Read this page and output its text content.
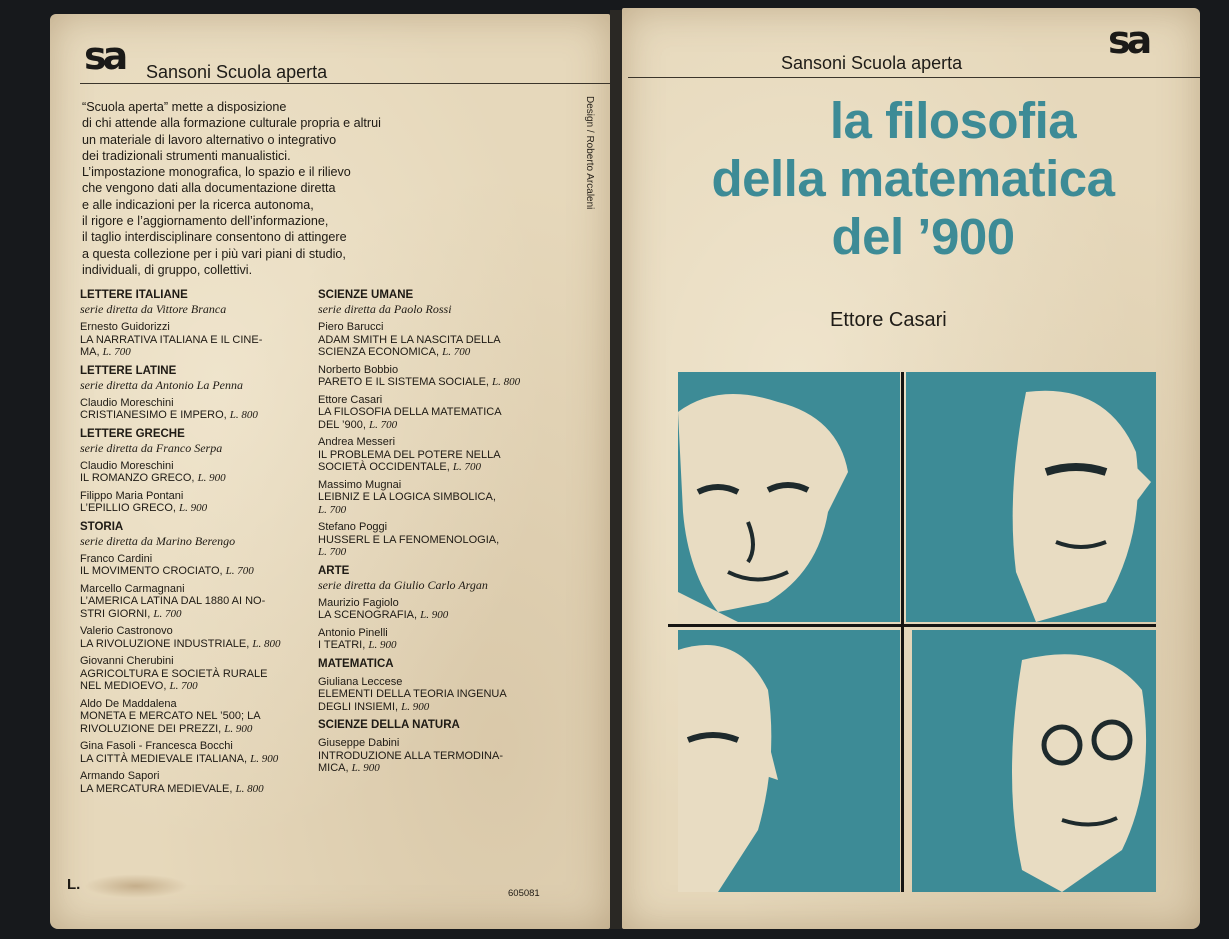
sa	Sansoni Scuola aperta
“Scuola aperta” mette a disposizione
di chi attende alla formazione culturale propria e altrui
un materiale di lavoro alternativo o integrativo
dei tradizionali strumenti manualistici.
L’impostazione monografica, lo spazio e il rilievo
che vengono dati alla documentazione diretta
e alle indicazioni per la ricerca autonoma,
il rigore e l’aggiornamento dell’informazione,
il taglio interdisciplinare consentono di attingere
a questa collezione per i più vari piani di studio,
individuali, di gruppo, collettivi.
LETTERE ITALIANE
serie diretta da Vittore Branca
Ernesto Guidorizzi
LA NARRATIVA ITALIANA E IL CINE-
MA, L. 700
LETTERE LATINE
serie diretta da Antonio La Penna
Claudio Moreschini
CRISTIANESIMO E IMPERO, L. 800
LETTERE GRECHE
serie diretta da Franco Serpa
Claudio Moreschini
IL ROMANZO GRECO, L. 900
Filippo Maria Pontani
L’EPILLIO GRECO, L. 900
STORIA
serie diretta da Marino Berengo
Franco Cardini
IL MOVIMENTO CROCIATO, L. 700
Marcello Carmagnani
L’AMERICA LATINA DAL 1880 AI NO-
STRI GIORNI, L. 700
Valerio Castronovo
LA RIVOLUZIONE INDUSTRIALE, L. 800
Giovanni Cherubini
AGRICOLTURA E SOCIETÀ RURALE
NEL MEDIOEVO, L. 700
Aldo De Maddalena
MONETA E MERCATO NEL ’500; LA
RIVOLUZIONE DEI PREZZI, L. 900
Gina Fasoli - Francesca Bocchi
LA CITTÀ MEDIEVALE ITALIANA, L. 900
Armando Sapori
LA MERCATURA MEDIEVALE, L. 800
SCIENZE UMANE
serie diretta da Paolo Rossi
Piero Barucci
ADAM SMITH E LA NASCITA DELLA
SCIENZA ECONOMICA, L. 700
Norberto Bobbio
PARETO E IL SISTEMA SOCIALE, L. 800
Ettore Casari
LA FILOSOFIA DELLA MATEMATICA
DEL ’900, L. 700
Andrea Messeri
IL PROBLEMA DEL POTERE NELLA
SOCIETÀ OCCIDENTALE, L. 700
Massimo Mugnai
LEIBNIZ E LA LOGICA SIMBOLICA,
L. 700
Stefano Poggi
HUSSERL E LA FENOMENOLOGIA,
L. 700
ARTE
serie diretta da Giulio Carlo Argan
Maurizio Fagiolo
LA SCENOGRAFIA, L. 900
Antonio Pinelli
I TEATRI, L. 900
MATEMATICA
Giuliana Leccese
ELEMENTI DELLA TEORIA INGENUA
DEGLI INSIEMI, L. 900
SCIENZE DELLA NATURA
Giuseppe Dabini
INTRODUZIONE ALLA TERMODINA-
MICA, L. 900
Design / Roberto Arcaleni
L.
605081
sa
Sansoni Scuola aperta
la filosofia
della matematica
del ’900
Ettore Casari
